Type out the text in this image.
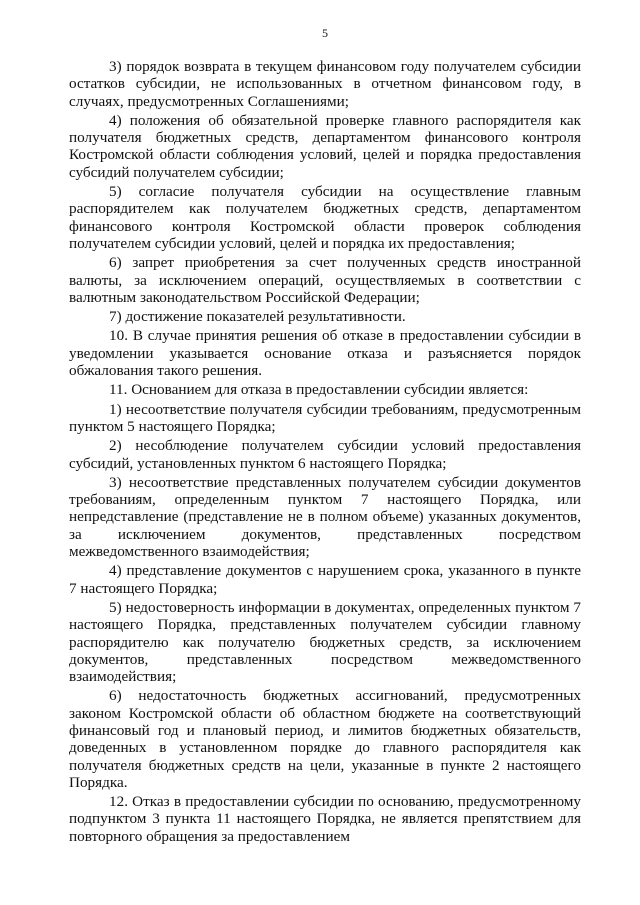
5

3) порядок возврата в текущем финансовом году получателем субсидии остатков субсидии, не использованных в отчетном финансовом году, в случаях, предусмотренных Соглашениями;

4) положения об обязательной проверке главного распорядителя как получателя бюджетных средств, департаментом финансового контроля Костромской области соблюдения условий, целей и порядка предоставления субсидий получателем субсидии;

5) согласие получателя субсидии на осуществление главным распорядителем как получателем бюджетных средств, департаментом финансового контроля Костромской области проверок соблюдения получателем субсидии условий, целей и порядка их предоставления;

6) запрет приобретения за счет полученных средств иностранной валюты, за исключением операций, осуществляемых в соответствии с валютным законодательством Российской Федерации;

7) достижение показателей результативности.

10. В случае принятия решения об отказе в предоставлении субсидии в уведомлении указывается основание отказа и разъясняется порядок обжалования такого решения.

11. Основанием для отказа в предоставлении субсидии является:

1) несоответствие получателя субсидии требованиям, предусмотренным пунктом 5 настоящего Порядка;

2) несоблюдение получателем субсидии условий предоставления субсидий, установленных пунктом 6 настоящего Порядка;

3) несоответствие представленных получателем субсидии документов требованиям, определенным пунктом 7 настоящего Порядка, или непредставление (представление не в полном объеме) указанных документов, за исключением документов, представленных посредством межведомственного взаимодействия;

4) представление документов с нарушением срока, указанного в пункте 7 настоящего Порядка;

5) недостоверность информации в документах, определенных пунктом 7 настоящего Порядка, представленных получателем субсидии главному распорядителю как получателю бюджетных средств, за исключением документов, представленных посредством межведомственного взаимодействия;

6) недостаточность бюджетных ассигнований, предусмотренных законом Костромской области об областном бюджете на соответствующий финансовый год и плановый период, и лимитов бюджетных обязательств, доведенных в установленном порядке до главного распорядителя как получателя бюджетных средств на цели, указанные в пункте 2 настоящего Порядка.

12. Отказ в предоставлении субсидии по основанию, предусмотренному подпунктом 3 пункта 11 настоящего Порядка, не является препятствием для повторного обращения за предоставлением
